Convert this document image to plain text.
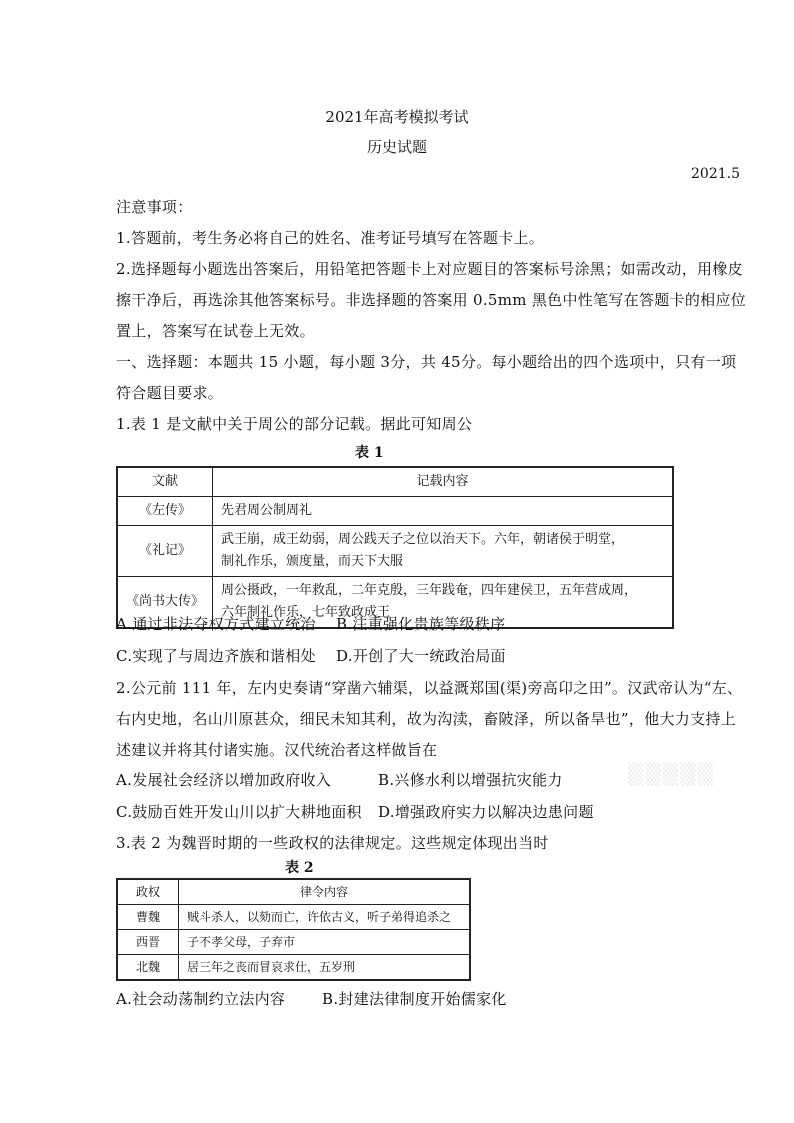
2021年高考模拟考试
历史试题
2021.5
注意事项：
1.答题前，考生务必将自己的姓名、准考证号填写在答题卡上。
2.选择题每小题选出答案后，用铅笔把答题卡上对应题目的答案标号涂黑；如需改动，用橡皮
擦干净后，再选涂其他答案标号。非选择题的答案用 0.5mm 黑色中性笔写在答题卡的相应位
置上，答案写在试卷上无效。
一、选择题：本题共 15 小题，每小题 3分，共 45分。每小题给出的四个选项中，只有一项
符合题目要求。
1.表 1 是文献中关于周公的部分记载。据此可知周公
表 1
文献	记载内容
《左传》	先君周公制周礼

《礼记》	武王崩，成王幼弱，周公践天子之位以治天下。六年，朝诸侯于明堂，
制礼作乐，颁度量，而天下大服

《尚书大传》	周公摄政，一年救乱，二年克殷，三年践奄，四年建侯卫，五年营成周，
六年制礼作乐，七年致政成王
A.通过非法夺权方式建立统治 B.注重强化贵族等级秩序
C.实现了与周边齐族和谐相处 D.开创了大一统政治局面
2.公元前 111 年，左内史奏请“穿凿六辅渠，以益溉郑国(渠)旁高卬之田”。汉武帝认为“左、
右内史地，名山川原甚众，细民未知其利，故为沟渎，畜陂泽，所以备旱也”，他大力支持上
述建议并将其付诸实施。汉代统治者这样做旨在
A.发展社会经济以增加政府收入	B.兴修水利以增强抗灾能力
C.鼓励百姓开发山川以扩大耕地面积 D.增强政府实力以解决边患问题
▒▒▒▒▒
3.表 2 为魏晋时期的一些政权的法律规定。这些规定体现出当时
表 2
政权	律令内容
曹魏	贼斗杀人，以劾而亡，许依古义，听子弟得追杀之
西晋	子不孝父母，子弃市
北魏	居三年之丧而冒哀求仕，五岁刑
A.社会动荡制约立法内容 B.封建法律制度开始儒家化
